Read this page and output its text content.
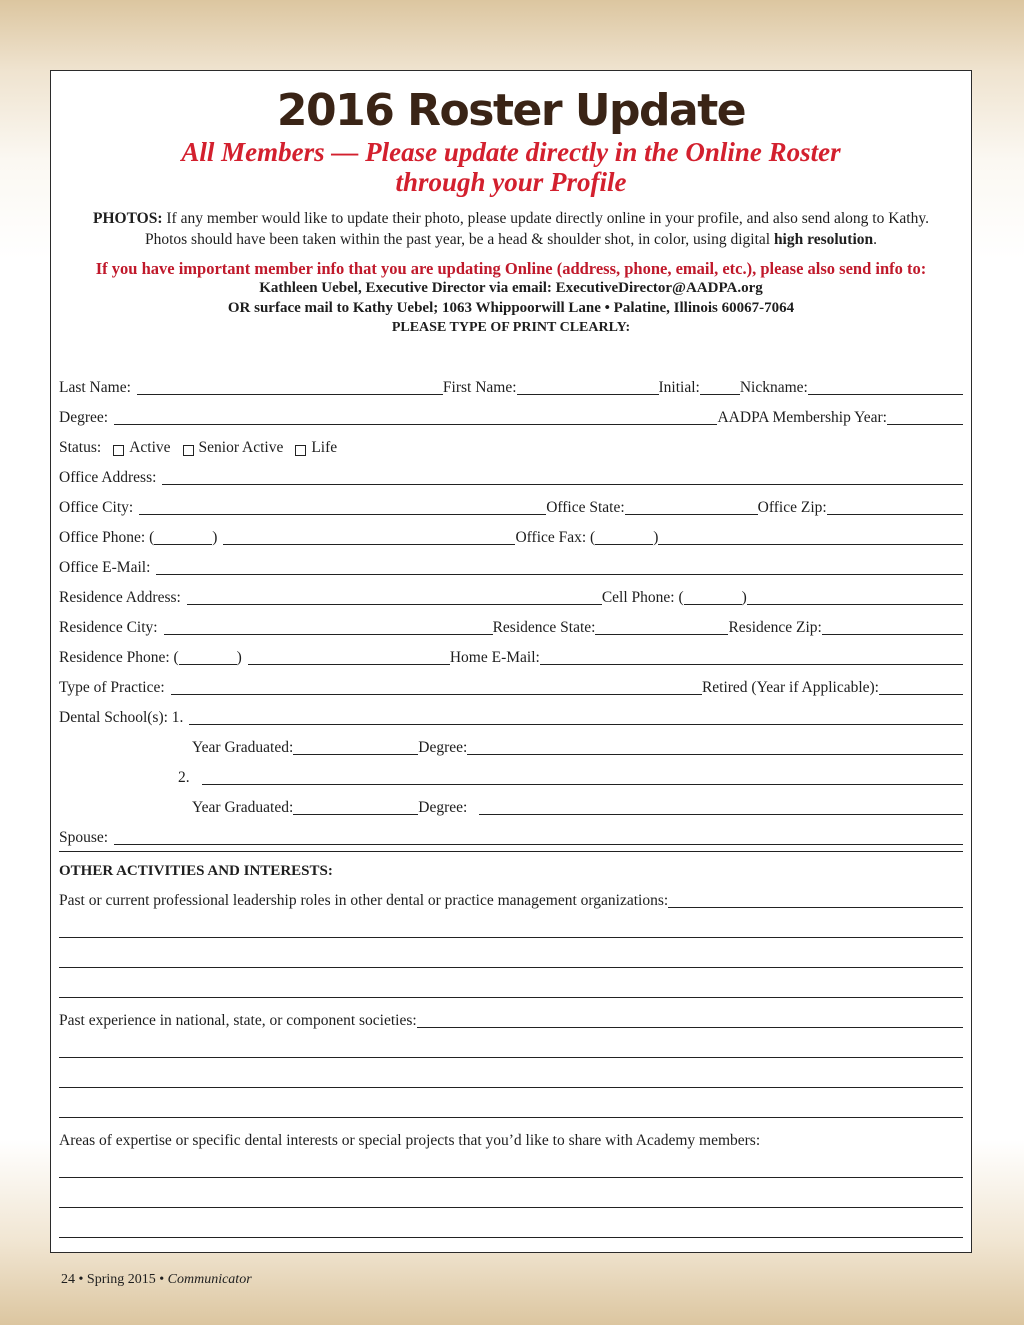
2016 Roster Update
All Members — Please update directly in the Online Roster
through your Profile
PHOTOS: If any member would like to update their photo, please update directly online in your profile, and also send along to Kathy.
Photos should have been taken within the past year, be a head & shoulder shot, in color, using digital high resolution.
If you have important member info that you are updating Online (address, phone, email, etc.), please also send info to:
Kathleen Uebel, Executive Director via email: ExecutiveDirector@AADPA.org
OR surface mail to Kathy Uebel; 1063 Whippoorwill Lane • Palatine, Illinois 60067-7064
PLEASE TYPE OF PRINT CLEARLY:
Last Name:	First Name:	Initial:	Nickname:
Degree:	AADPA Membership Year:
Status: Active Senior Active Life
Office Address:
Office City:	Office State:	Office Zip:
Office Phone: (	)	Office Fax: (	)
Office E-Mail:
Residence Address:	Cell Phone: (	)
Residence City:	Residence State:	Residence Zip:
Residence Phone: (	)	Home E-Mail:
Type of Practice:	Retired (Year if Applicable):
Dental School(s): 1.
Year Graduated:	Degree:
2.
Year Graduated:	Degree:
Spouse:
OTHER ACTIVITIES AND INTERESTS:
Past or current professional leadership roles in other dental or practice management organizations:
Past experience in national, state, or component societies:
Areas of expertise or specific dental interests or special projects that you’d like to share with Academy members:
24 • Spring 2015 • Communicator
